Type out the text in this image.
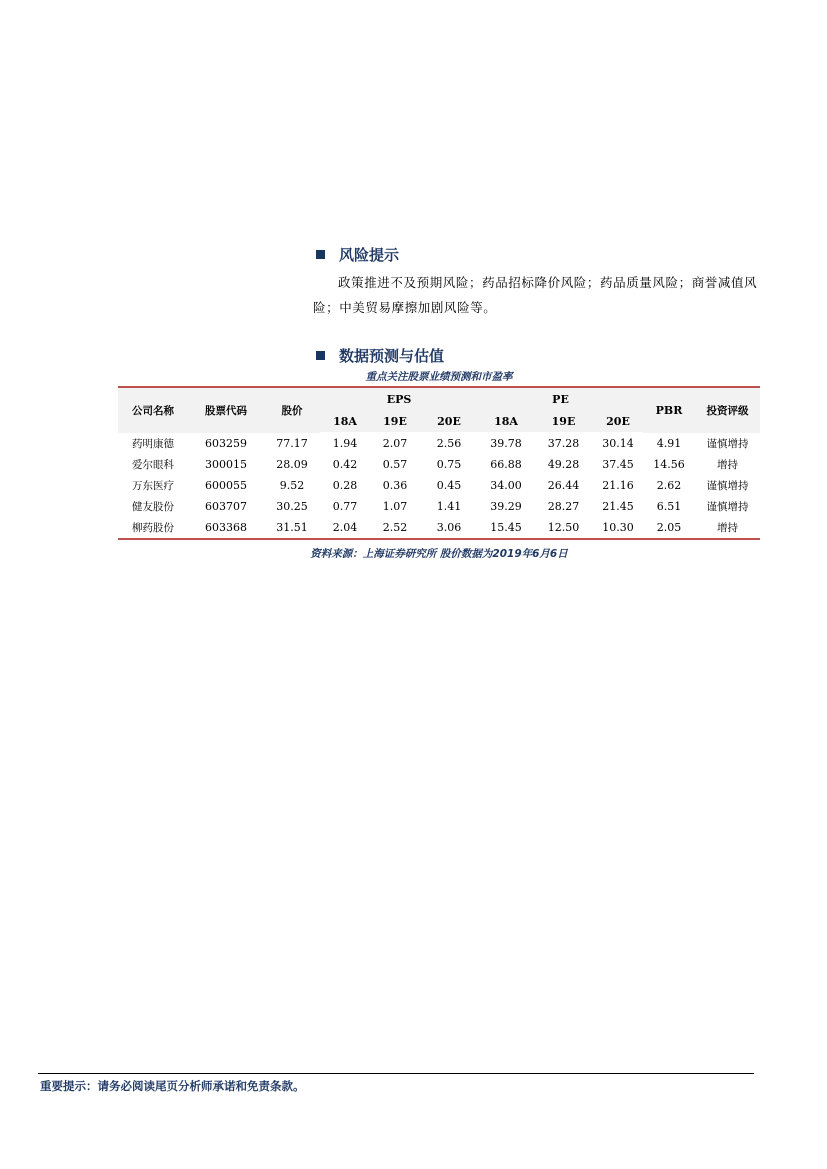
风险提示

政策推进不及预期风险；药品招标降价风险；药品质量风险；商誉减值风险；中美贸易摩擦加剧风险等。

数据预测与估值
重点关注股票业绩预测和市盈率
公司名称	股票代码	股价	EPS			PE			PBR	投资评级
			18A	19E	20E	18A	19E	20E		
药明康德	603259	77.17	1.94	2.07	2.56	39.78	37.28	30.14	4.91	谨慎增持
爱尔眼科	300015	28.09	0.42	0.57	0.75	66.88	49.28	37.45	14.56	增持
万东医疗	600055	9.52	0.28	0.36	0.45	34.00	26.44	21.16	2.62	谨慎增持
健友股份	603707	30.25	0.77	1.07	1.41	39.29	28.27	21.45	6.51	谨慎增持
柳药股份	603368	31.51	2.04	2.52	3.06	15.45	12.50	10.30	2.05	增持
资料来源：上海证券研究所 股价数据为2019年6月6日
重要提示：请务必阅读尾页分析师承诺和免责条款。
